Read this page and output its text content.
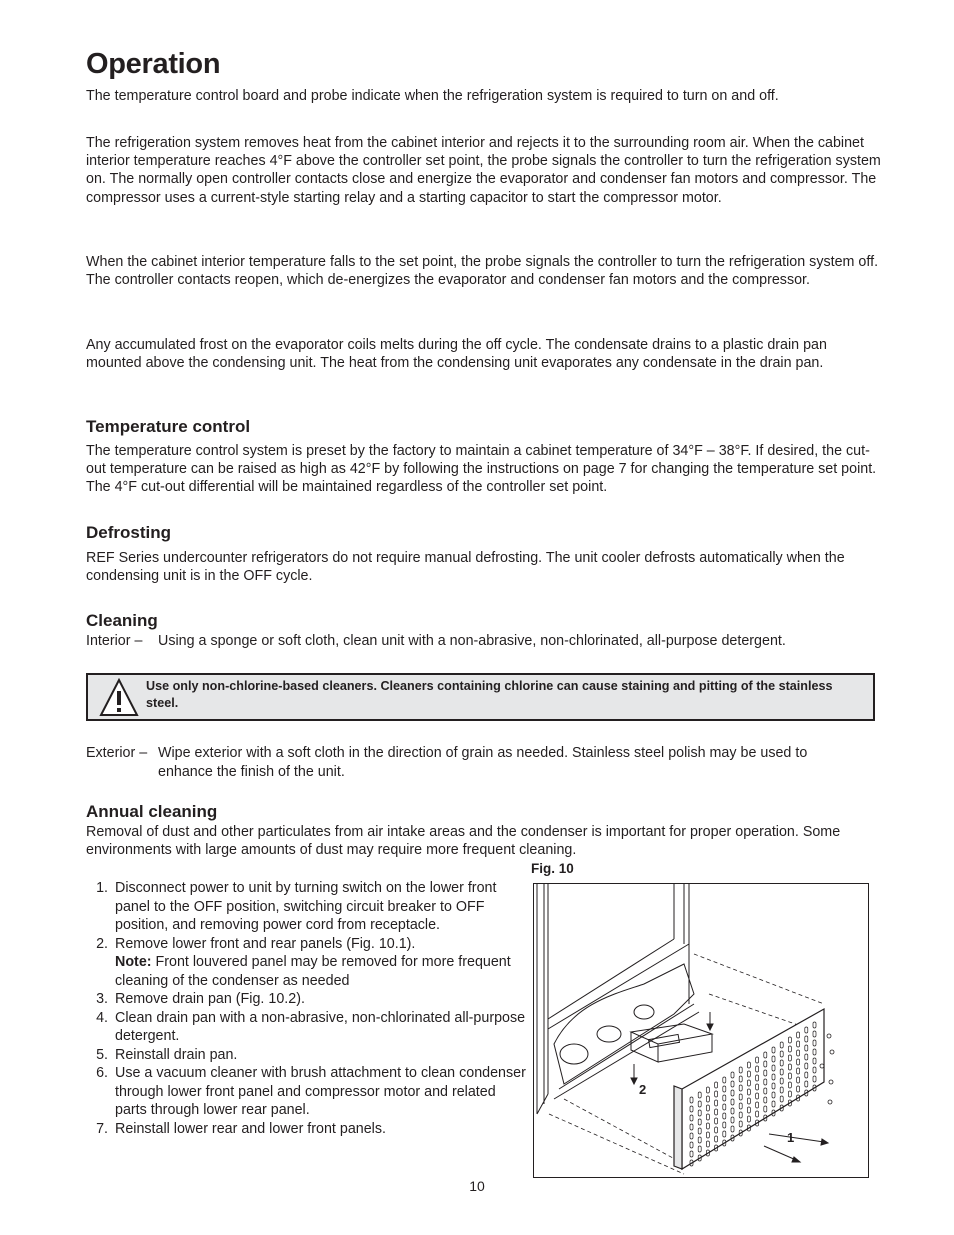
Operation

The temperature control board and probe indicate when the refrigeration system is required to turn on and off.

The refrigeration system removes heat from the cabinet interior and rejects it to the surrounding room air. When the cabinet interior temperature reaches 4°F above the controller set point, the probe signals the controller to turn the refrigeration system on. The normally open controller contacts close and energize the evaporator and condenser fan motors and compressor. The compressor uses a current-style starting relay and a starting capacitor to start the compressor motor.

When the cabinet interior temperature falls to the set point, the probe signals the controller to turn the refrigeration system off. The controller contacts reopen, which de-energizes the evaporator and condenser fan motors and the compressor.

Any accumulated frost on the evaporator coils melts during the off cycle. The condensate drains to a plastic drain pan mounted above the condensing unit. The heat from the condensing unit evaporates any condensate in the drain pan.

Temperature control

The temperature control system is preset by the factory to maintain a cabinet temperature of 34°F – 38°F. If desired, the cut-out temperature can be raised as high as 42°F by following the instructions on page 7 for changing the temperature set point. The 4°F cut-out differential will be maintained regardless of the controller set point.

Defrosting

REF Series undercounter refrigerators do not require manual defrosting. The unit cooler defrosts automatically when the condensing unit is in the OFF cycle.

Cleaning
Interior – Using a sponge or soft cloth, clean unit with a non-abrasive, non-chlorinated, all-purpose detergent.
Use only non-chlorine-based cleaners. Cleaners containing chlorine can cause staining and pitting of the stainless steel.
Exterior – Wipe exterior with a soft cloth in the direction of grain as needed. Stainless steel polish may be used to
enhance the finish of the unit.
Annual cleaning

Removal of dust and other particulates from air intake areas and the condenser is important for proper operation. Some environments with large amounts of dust may require more frequent cleaning.

1. Disconnect power to unit by turning switch on the lower front panel to the OFF position, switching circuit breaker to OFF position, and removing power cord from receptacle.
2. Remove lower front and rear panels (Fig. 10.1).
Note: Front louvered panel may be removed for more frequent cleaning of the condenser as needed
3. Remove drain pan (Fig. 10.2).
4. Clean drain pan with a non-abrasive, non-chlorinated all-purpose detergent.
5. Reinstall drain pan.
6. Use a vacuum cleaner with brush attachment to clean condenser through lower front panel and compressor motor and related parts through lower rear panel.
7. Reinstall lower rear and lower front panels.
Fig. 10
1
2
10
